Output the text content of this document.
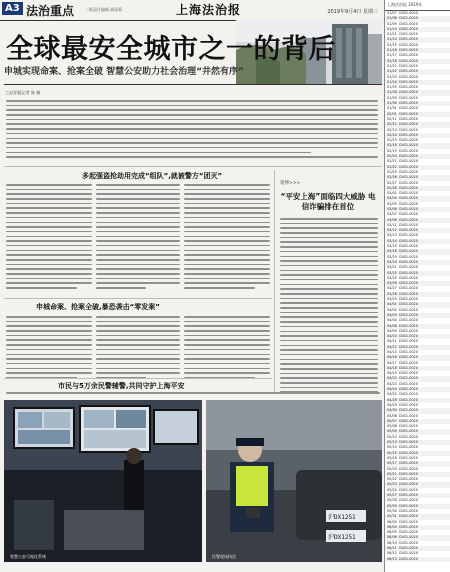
A3 法治重点	二版责任编辑 俞丽莉	上海法治报	2019年9月4日 星期三
全球最安全城市之一的背后
申城实现命案、抢案全破 智慧公安助力社会治理“井然有序”
□法治报记者 陈 颖
多起强盗抢劫用完成“组队”,就被警方“团灭”
延伸>>>
“平安上海”面临四大威胁 电信诈骗排在首位
申城命案、抢案全破,暴恐袭击“零发案”
市民与5万余民警辅警,共同守护上海平安
智慧公安可视化系统
沪DX1251
沪DX1251
民警现场执法
上海法治报 2019年
01/07 CN31-0020
01/08 CN31-0020
01/09 CN31-0020
01/10 CN31-0020
01/11 CN31-0020
01/14 CN31-0020
01/15 CN31-0020
01/16 CN31-0020
01/17 CN31-0020
01/18 CN31-0020
01/21 CN31-0020
01/22 CN31-0020
01/23 CN31-0020
01/24 CN31-0020
01/25 CN31-0020
01/28 CN31-0020
01/29 CN31-0020
01/30 CN31-0020
01/31 CN31-0020
02/01 CN31-0020
02/11 CN31-0020
02/12 CN31-0020
02/13 CN31-0020
02/14 CN31-0020
02/15 CN31-0020
02/18 CN31-0020
02/19 CN31-0020
02/20 CN31-0020
02/21 CN31-0020
02/22 CN31-0020
02/25 CN31-0020
02/26 CN31-0020
02/27 CN31-0020
02/28 CN31-0020
03/01 CN31-0020
03/04 CN31-0020
03/05 CN31-0020
03/06 CN31-0020
03/07 CN31-0020
03/08 CN31-0020
03/11 CN31-0020
03/12 CN31-0020
03/13 CN31-0020
03/14 CN31-0020
03/15 CN31-0020
03/18 CN31-0020
03/19 CN31-0020
03/20 CN31-0020
03/21 CN31-0020
03/22 CN31-0020
03/25 CN31-0020
03/26 CN31-0020
03/27 CN31-0020
03/28 CN31-0020
03/29 CN31-0020
04/01 CN31-0020
04/02 CN31-0020
04/03 CN31-0020
04/04 CN31-0020
04/08 CN31-0020
04/09 CN31-0020
04/10 CN31-0020
04/11 CN31-0020
04/12 CN31-0020
04/15 CN31-0020
04/16 CN31-0020
04/17 CN31-0020
04/18 CN31-0020
04/19 CN31-0020
04/22 CN31-0020
04/23 CN31-0020
04/24 CN31-0020
04/25 CN31-0020
04/26 CN31-0020
04/29 CN31-0020
04/30 CN31-0020
05/06 CN31-0020
05/07 CN31-0020
05/08 CN31-0020
05/09 CN31-0020
05/10 CN31-0020
05/13 CN31-0020
05/14 CN31-0020
05/15 CN31-0020
05/16 CN31-0020
05/17 CN31-0020
05/20 CN31-0020
05/21 CN31-0020
05/22 CN31-0020
05/23 CN31-0020
05/24 CN31-0020
05/27 CN31-0020
05/28 CN31-0020
05/29 CN31-0020
05/30 CN31-0020
05/31 CN31-0020
06/03 CN31-0020
06/04 CN31-0020
06/05 CN31-0020
06/06 CN31-0020
06/10 CN31-0020
06/11 CN31-0020
06/12 CN31-0020
06/13 CN31-0020
